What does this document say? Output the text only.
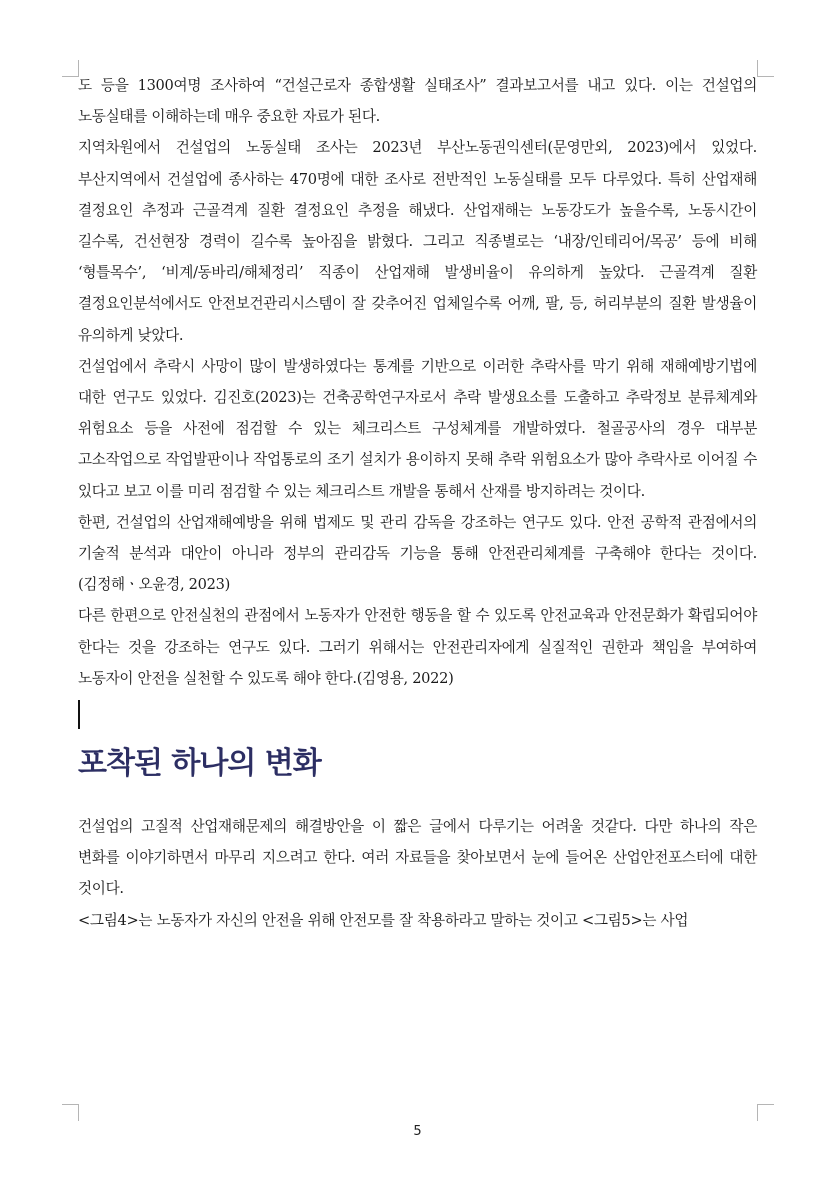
도 등을 1300여명 조사하여 “건설근로자 종합생활 실태조사” 결과보고서를 내고 있다. 이는 건설업의 노동실태를 이해하는데 매우 중요한 자료가 된다.

지역차원에서 건설업의 노동실태 조사는 2023년 부산노동권익센터(문영만외, 2023)에서 있었다. 부산지역에서 건설업에 종사하는 470명에 대한 조사로 전반적인 노동실태를 모두 다루었다. 특히 산업재해 결정요인 추정과 근골격계 질환 결정요인 추정을 해냈다. 산업재해는 노동강도가 높을수록, 노동시간이 길수록, 건선현장 경력이 길수록 높아짐을 밝혔다. 그리고 직종별로는 ‘내장/인테리어/목공’ 등에 비해 ‘형틀목수’, ‘비계/동바리/해체정리’ 직종이 산업재해 발생비율이 유의하게 높았다. 근골격계 질환 결정요인분석에서도 안전보건관리시스템이 잘 갖추어진 업체일수록 어깨, 팔, 등, 허리부분의 질환 발생율이 유의하게 낮았다.

건설업에서 추락시 사망이 많이 발생하였다는 통계를 기반으로 이러한 추락사를 막기 위해 재해예방기법에 대한 연구도 있었다. 김진호(2023)는 건축공학연구자로서 추락 발생요소를 도출하고 추락정보 분류체계와 위험요소 등을 사전에 점검할 수 있는 체크리스트 구성체계를 개발하였다. 철골공사의 경우 대부분 고소작업으로 작업발판이나 작업통로의 조기 설치가 용이하지 못해 추락 위험요소가 많아 추락사로 이어질 수 있다고 보고 이를 미리 점검할 수 있는 체크리스트 개발을 통해서 산재를 방지하려는 것이다.

한편, 건설업의 산업재해예방을 위해 법제도 및 관리 감독을 강조하는 연구도 있다. 안전 공학적 관점에서의 기술적 분석과 대안이 아니라 정부의 관리감독 기능을 통해 안전관리체계를 구축해야 한다는 것이다. (김정해ㆍ오윤경, 2023)

다른 한편으로 안전실천의 관점에서 노동자가 안전한 행동을 할 수 있도록 안전교육과 안전문화가 확립되어야 한다는 것을 강조하는 연구도 있다. 그러기 위해서는 안전관리자에게 실질적인 권한과 책임을 부여하여 노동자이 안전을 실천할 수 있도록 해야 한다.(김영용, 2022)

포착된 하나의 변화

건설업의 고질적 산업재해문제의 해결방안을 이 짧은 글에서 다루기는 어려울 것같다. 다만 하나의 작은 변화를 이야기하면서 마무리 지으려고 한다. 여러 자료들을 찾아보면서 눈에 들어온 산업안전포스터에 대한 것이다.

<그림4>는 노동자가 자신의 안전을 위해 안전모를 잘 착용하라고 말하는 것이고 <그림5>는 사업

5
